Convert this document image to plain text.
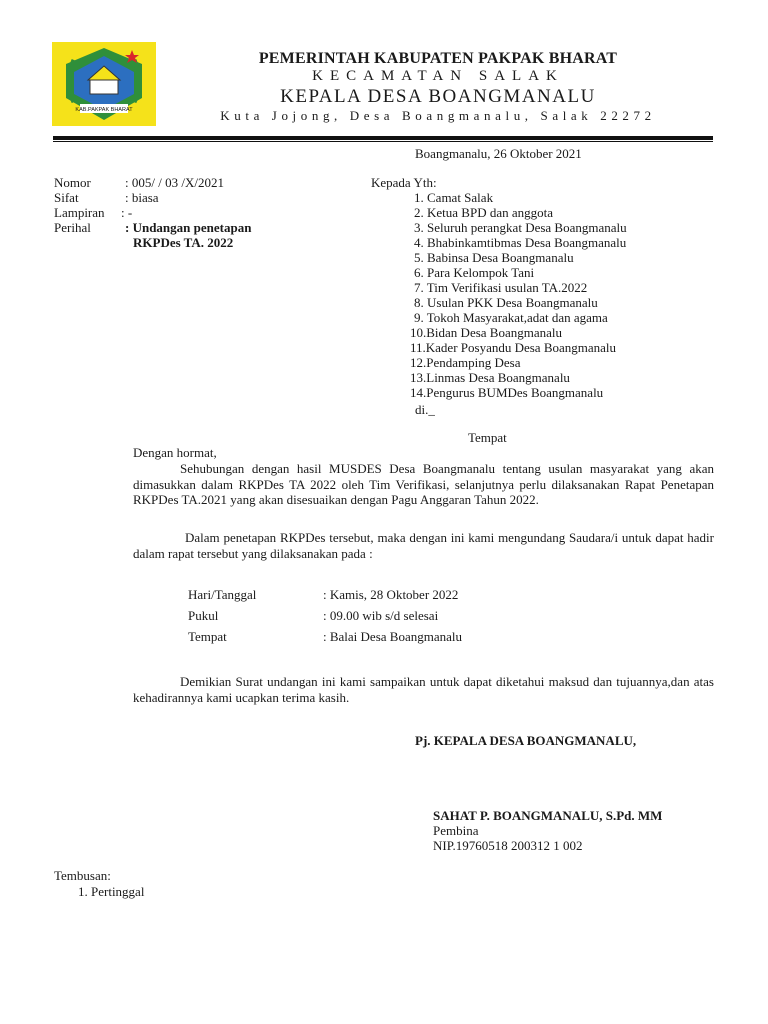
KAB.PAKPAK BHARAT
PEMERINTAH KABUPATEN PAKPAK BHARAT
KECAMATAN SALAK
KEPALA DESA BOANGMANALU
Kuta Jojong, Desa Boangmanalu, Salak 22272
Boangmanalu, 26 Oktober 2021
Nomor	: 005/ / 03 /X/2021
Sifat	: biasa
Lampiran : -
Perihal	: Undangan penetapan
RKPDes TA. 2022
Kepada Yth:
1. Camat Salak
2. Ketua BPD dan anggota
3. Seluruh perangkat Desa Boangmanalu
4. Bhabinkamtibmas Desa Boangmanalu
5. Babinsa Desa Boangmanalu
6. Para Kelompok Tani
7. Tim Verifikasi usulan TA.2022
8. Usulan PKK Desa Boangmanalu
9. Tokoh Masyarakat,adat dan agama
10.Bidan Desa Boangmanalu
11.Kader Posyandu Desa Boangmanalu
12.Pendamping Desa
13.Linmas Desa Boangmanalu
14.Pengurus BUMDes Boangmanalu
di._
Tempat
Dengan hormat,

Sehubungan dengan hasil MUSDES Desa Boangmanalu tentang usulan masyarakat yang akan dimasukkan dalam RKPDes TA 2022 oleh Tim Verifikasi, selanjutnya perlu dilaksanakan Rapat Penetapan RKPDes TA.2021 yang akan disesuaikan dengan Pagu Anggaran Tahun 2022.

Dalam penetapan RKPDes tersebut, maka dengan ini kami mengundang Saudara/i untuk dapat hadir dalam rapat tersebut yang dilaksanakan pada :

Hari/Tanggal	: Kamis, 28 Oktober 2022
Pukul	: 09.00 wib s/d selesai
Tempat	: Balai Desa Boangmanalu

Demikian Surat undangan ini kami sampaikan untuk dapat diketahui maksud dan tujuannya,dan atas kehadirannya kami ucapkan terima kasih.

Pj. KEPALA DESA BOANGMANALU,
SAHAT P. BOANGMANALU, S.Pd. MM
Pembina
NIP.19760518 200312 1 002
Tembusan:
1. Pertinggal
